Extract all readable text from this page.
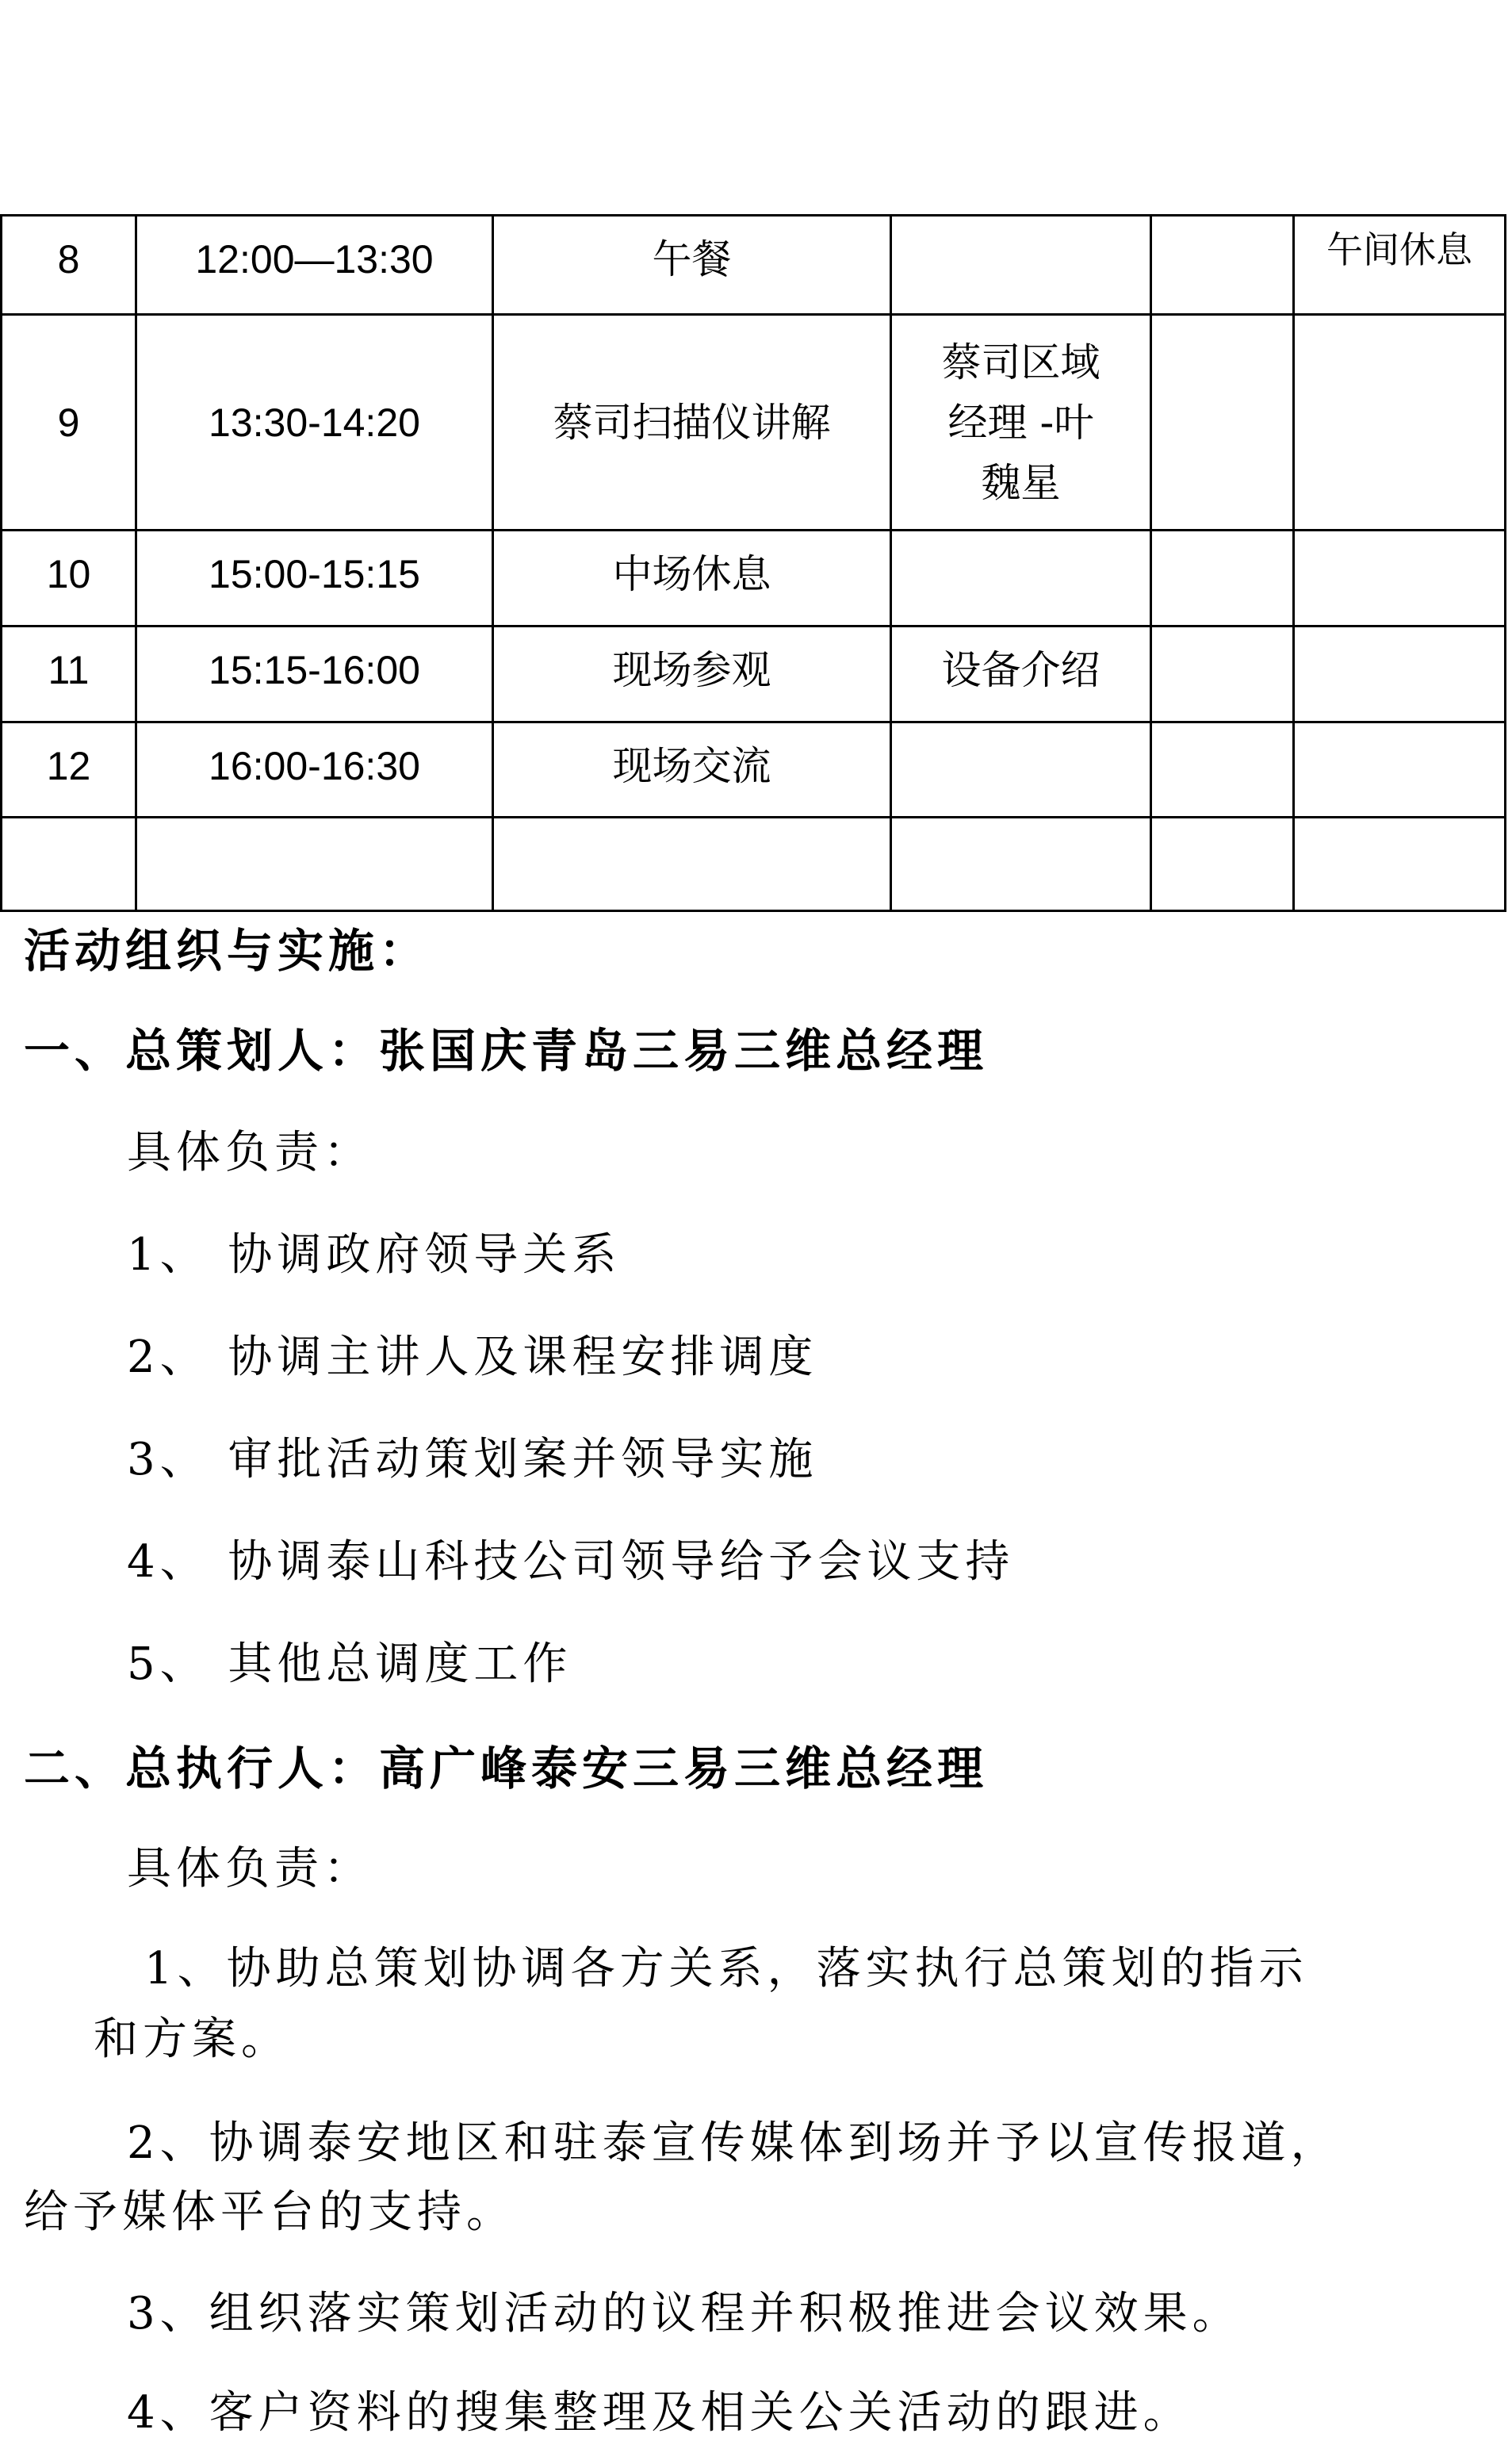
8	12:00—13:30	午餐			午间休息
9	13:30-14:20	蔡司扫描仪讲解	蔡司区域
经理 -叶
魏星		

10	15:00-15:15	中场休息			
11	15:15-16:00	现场参观	设备介绍		
12	16:00-16:30	现场交流			

活动组织与实施：
一、总策划人：张国庆青岛三易三维总经理
具体负责：
1、 协调政府领导关系
2、 协调主讲人及课程安排调度
3、 审批活动策划案并领导实施
4、 协调泰山科技公司领导给予会议支持
5、 其他总调度工作
二、总执行人：高广峰泰安三易三维总经理
具体负责：
1、协助总策划协调各方关系，落实执行总策划的指示
和方案。
2、协调泰安地区和驻泰宣传媒体到场并予以宣传报道，
给予媒体平台的支持。
3、组织落实策划活动的议程并积极推进会议效果。
4、客户资料的搜集整理及相关公关活动的跟进。
